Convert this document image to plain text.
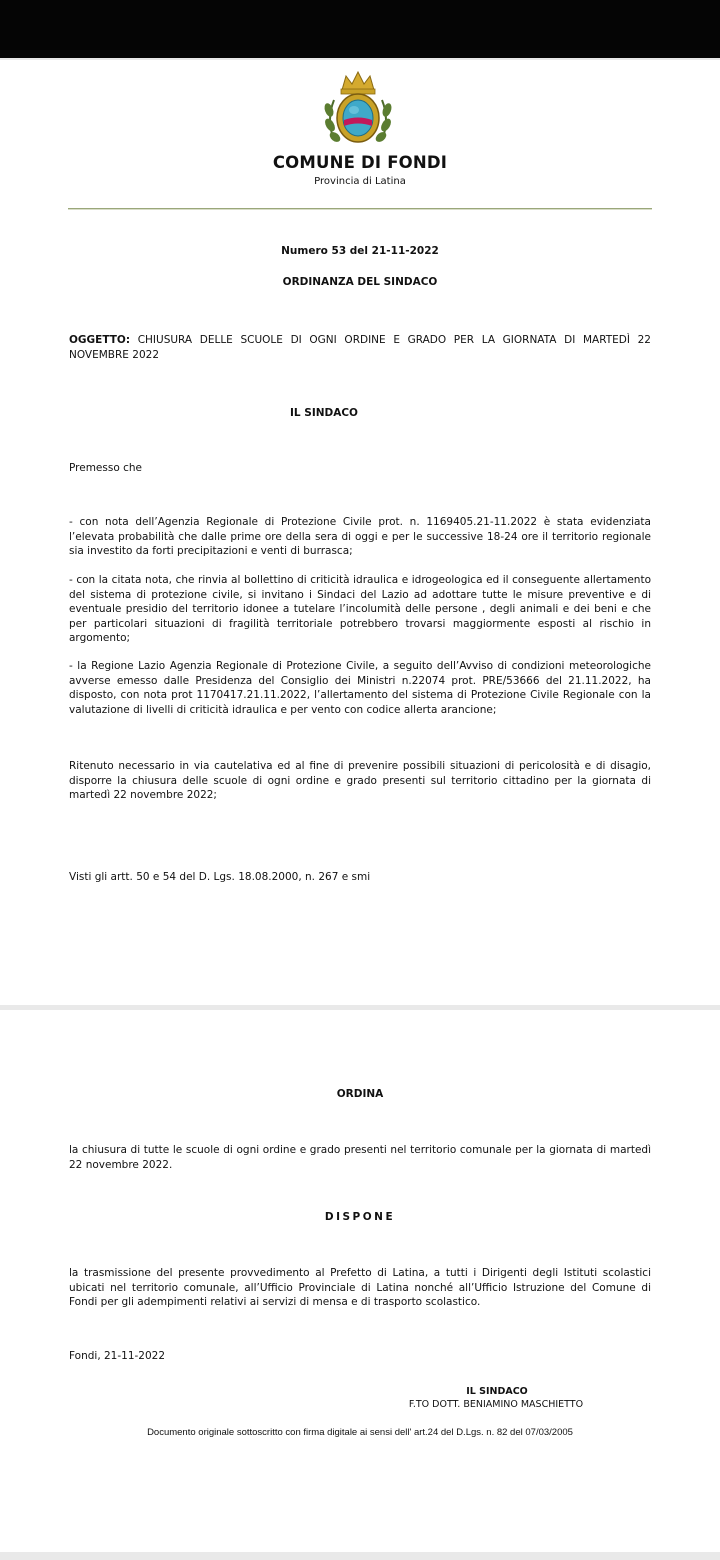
COMUNE DI FONDI
Provincia di Latina
Numero 53 del 21-11-2022
ORDINANZA DEL SINDACO

OGGETTO: CHIUSURA DELLE SCUOLE DI OGNI ORDINE E GRADO PER LA GIORNATA DI MARTEDÌ 22 NOVEMBRE 2022

IL SINDACO
Premesso che
- con nota dell’Agenzia Regionale di Protezione Civile prot. n. 1169405.21-11.2022 è stata evidenziata l’elevata probabilità che dalle prime ore della sera di oggi e per le successive 18-24 ore il territorio regionale sia investito da forti precipitazioni e venti di burrasca;
- con la citata nota, che rinvia al bollettino di criticità idraulica e idrogeologica ed il conseguente allertamento del sistema di protezione civile, si invitano i Sindaci del Lazio ad adottare tutte le misure preventive e di eventuale presidio del territorio idonee a tutelare l’incolumità delle persone , degli animali e dei beni e che per particolari situazioni di fragilità territoriale potrebbero trovarsi maggiormente esposti al rischio in argomento;
- la Regione Lazio Agenzia Regionale di Protezione Civile, a seguito dell’Avviso di condizioni meteorologiche avverse emesso dalle Presidenza del Consiglio dei Ministri n.22074 prot. PRE/53666 del 21.11.2022, ha disposto, con nota prot 1170417.21.11.2022, l’allertamento del sistema di Protezione Civile Regionale con la valutazione di livelli di criticità idraulica e per vento con codice allerta arancione;
Ritenuto necessario in via cautelativa ed al fine di prevenire possibili situazioni di pericolosità e di disagio, disporre la chiusura delle scuole di ogni ordine e grado presenti sul territorio cittadino per la giornata di martedì 22 novembre 2022;
Visti gli artt. 50 e 54 del D. Lgs. 18.08.2000, n. 267 e smi
ORDINA
la chiusura di tutte le scuole di ogni ordine e grado presenti nel territorio comunale per la giornata di martedì 22 novembre 2022.
DISPONE
la trasmissione del presente provvedimento al Prefetto di Latina, a tutti i Dirigenti degli Istituti scolastici ubicati nel territorio comunale, all’Ufficio Provinciale di Latina nonché all’Ufficio Istruzione del Comune di Fondi per gli adempimenti relativi ai servizi di mensa e di trasporto scolastico.
Fondi, 21-11-2022
IL SINDACO
F.TO DOTT. BENIAMINO MASCHIETTO
Documento originale sottoscritto con firma digitale ai sensi dell' art.24 del D.Lgs. n. 82 del 07/03/2005
